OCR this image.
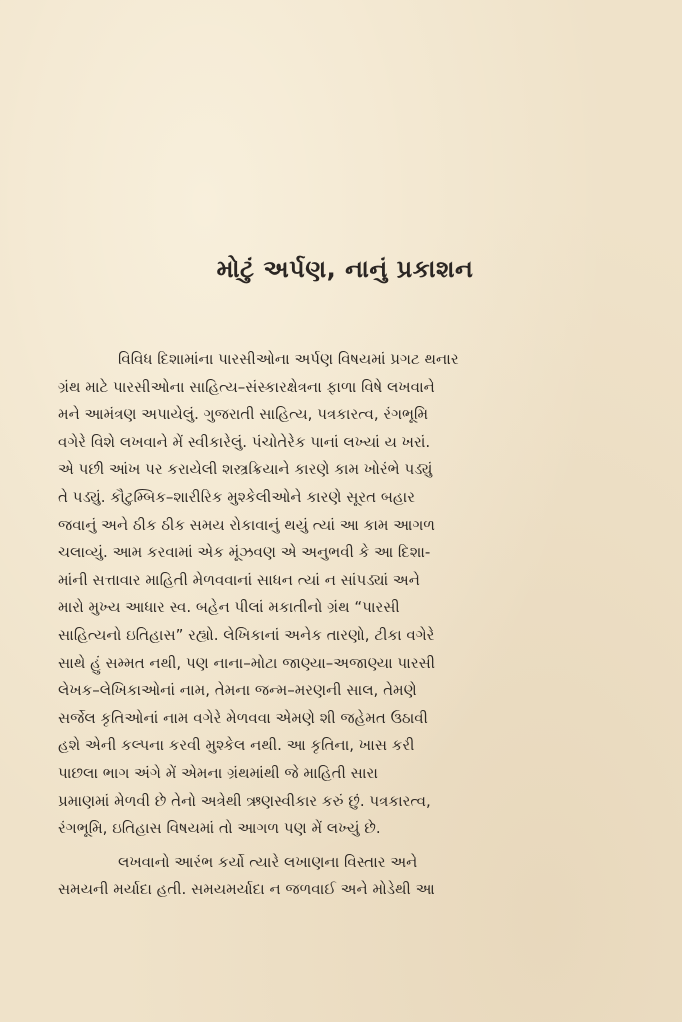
મોટું અર્પણ, નાનું પ્રકાશન
વિવિધ દિશામાંના પારસીઓના અર્પણ વિષયમાં પ્રગટ થનાર
ગ્રંથ માટે પારસીઓના સાહિત્ય–સંસ્કારક્ષેત્રના ફાળા વિષે લખવાને
મને આમંત્રણ અપાયેલું. ગુજરાતી સાહિત્ય, પત્રકારત્વ, રંગભૂમિ
વગેરે વિશે લખવાને મેં સ્વીકારેલું. પંચોતેરેક પાનાં લખ્યાં ય ખરાં.
એ પછી આંખ પર કરાયેલી શસ્ત્રક્રિયાને કારણે કામ ખોરંભે પડ્યું
તે પડ્યું. કૌટુમ્બિક–શારીરિક મુશ્કેલીઓને કારણે સૂરત બહાર
જવાનું અને ઠીક ઠીક સમય રોકાવાનું થયું ત્યાં આ કામ આગળ
ચલાવ્યું. આમ કરવામાં એક મૂંઝવણ એ અનુભવી કે આ દિશા-
માંની સત્તાવાર માહિતી મેળવવાનાં સાધન ત્યાં ન સાંપડ્યાં અને
મારો મુખ્ય આધાર સ્વ. બહેન પીલાં મકાતીનો ગ્રંથ “પારસી
સાહિત્યનો ઇતિહાસ” રહ્યો. લેખિકાનાં અનેક તારણો, ટીકા વગેરે
સાથે હું સમ્મત નથી, પણ નાના–મોટા જાણ્યા–અજાણ્યા પારસી
લેખક–લેખિકાઓનાં નામ, તેમના જન્મ–મરણની સાલ, તેમણે
સર્જેલ કૃતિઓનાં નામ વગેરે મેળવવા એમણે શી જહેમત ઉઠાવી
હશે એની કલ્પના કરવી મુશ્કેલ નથી. આ કૃતિના, ખાસ કરી
પાછલા ભાગ અંગે મેં એમના ગ્રંથમાંથી જે માહિતી સારા
પ્રમાણમાં મેળવી છે તેનો અત્રેથી ઋણસ્વીકાર કરું છું. પત્રકારત્વ,
રંગભૂમિ, ઇતિહાસ વિષયમાં તો આગળ પણ મેં લખ્યું છે.
લખવાનો આરંભ કર્યો ત્યારે લખાણના વિસ્તાર અને
સમયની મર્યાદા હતી. સમયમર્યાદા ન જળવાઈ અને મોડેથી આ
